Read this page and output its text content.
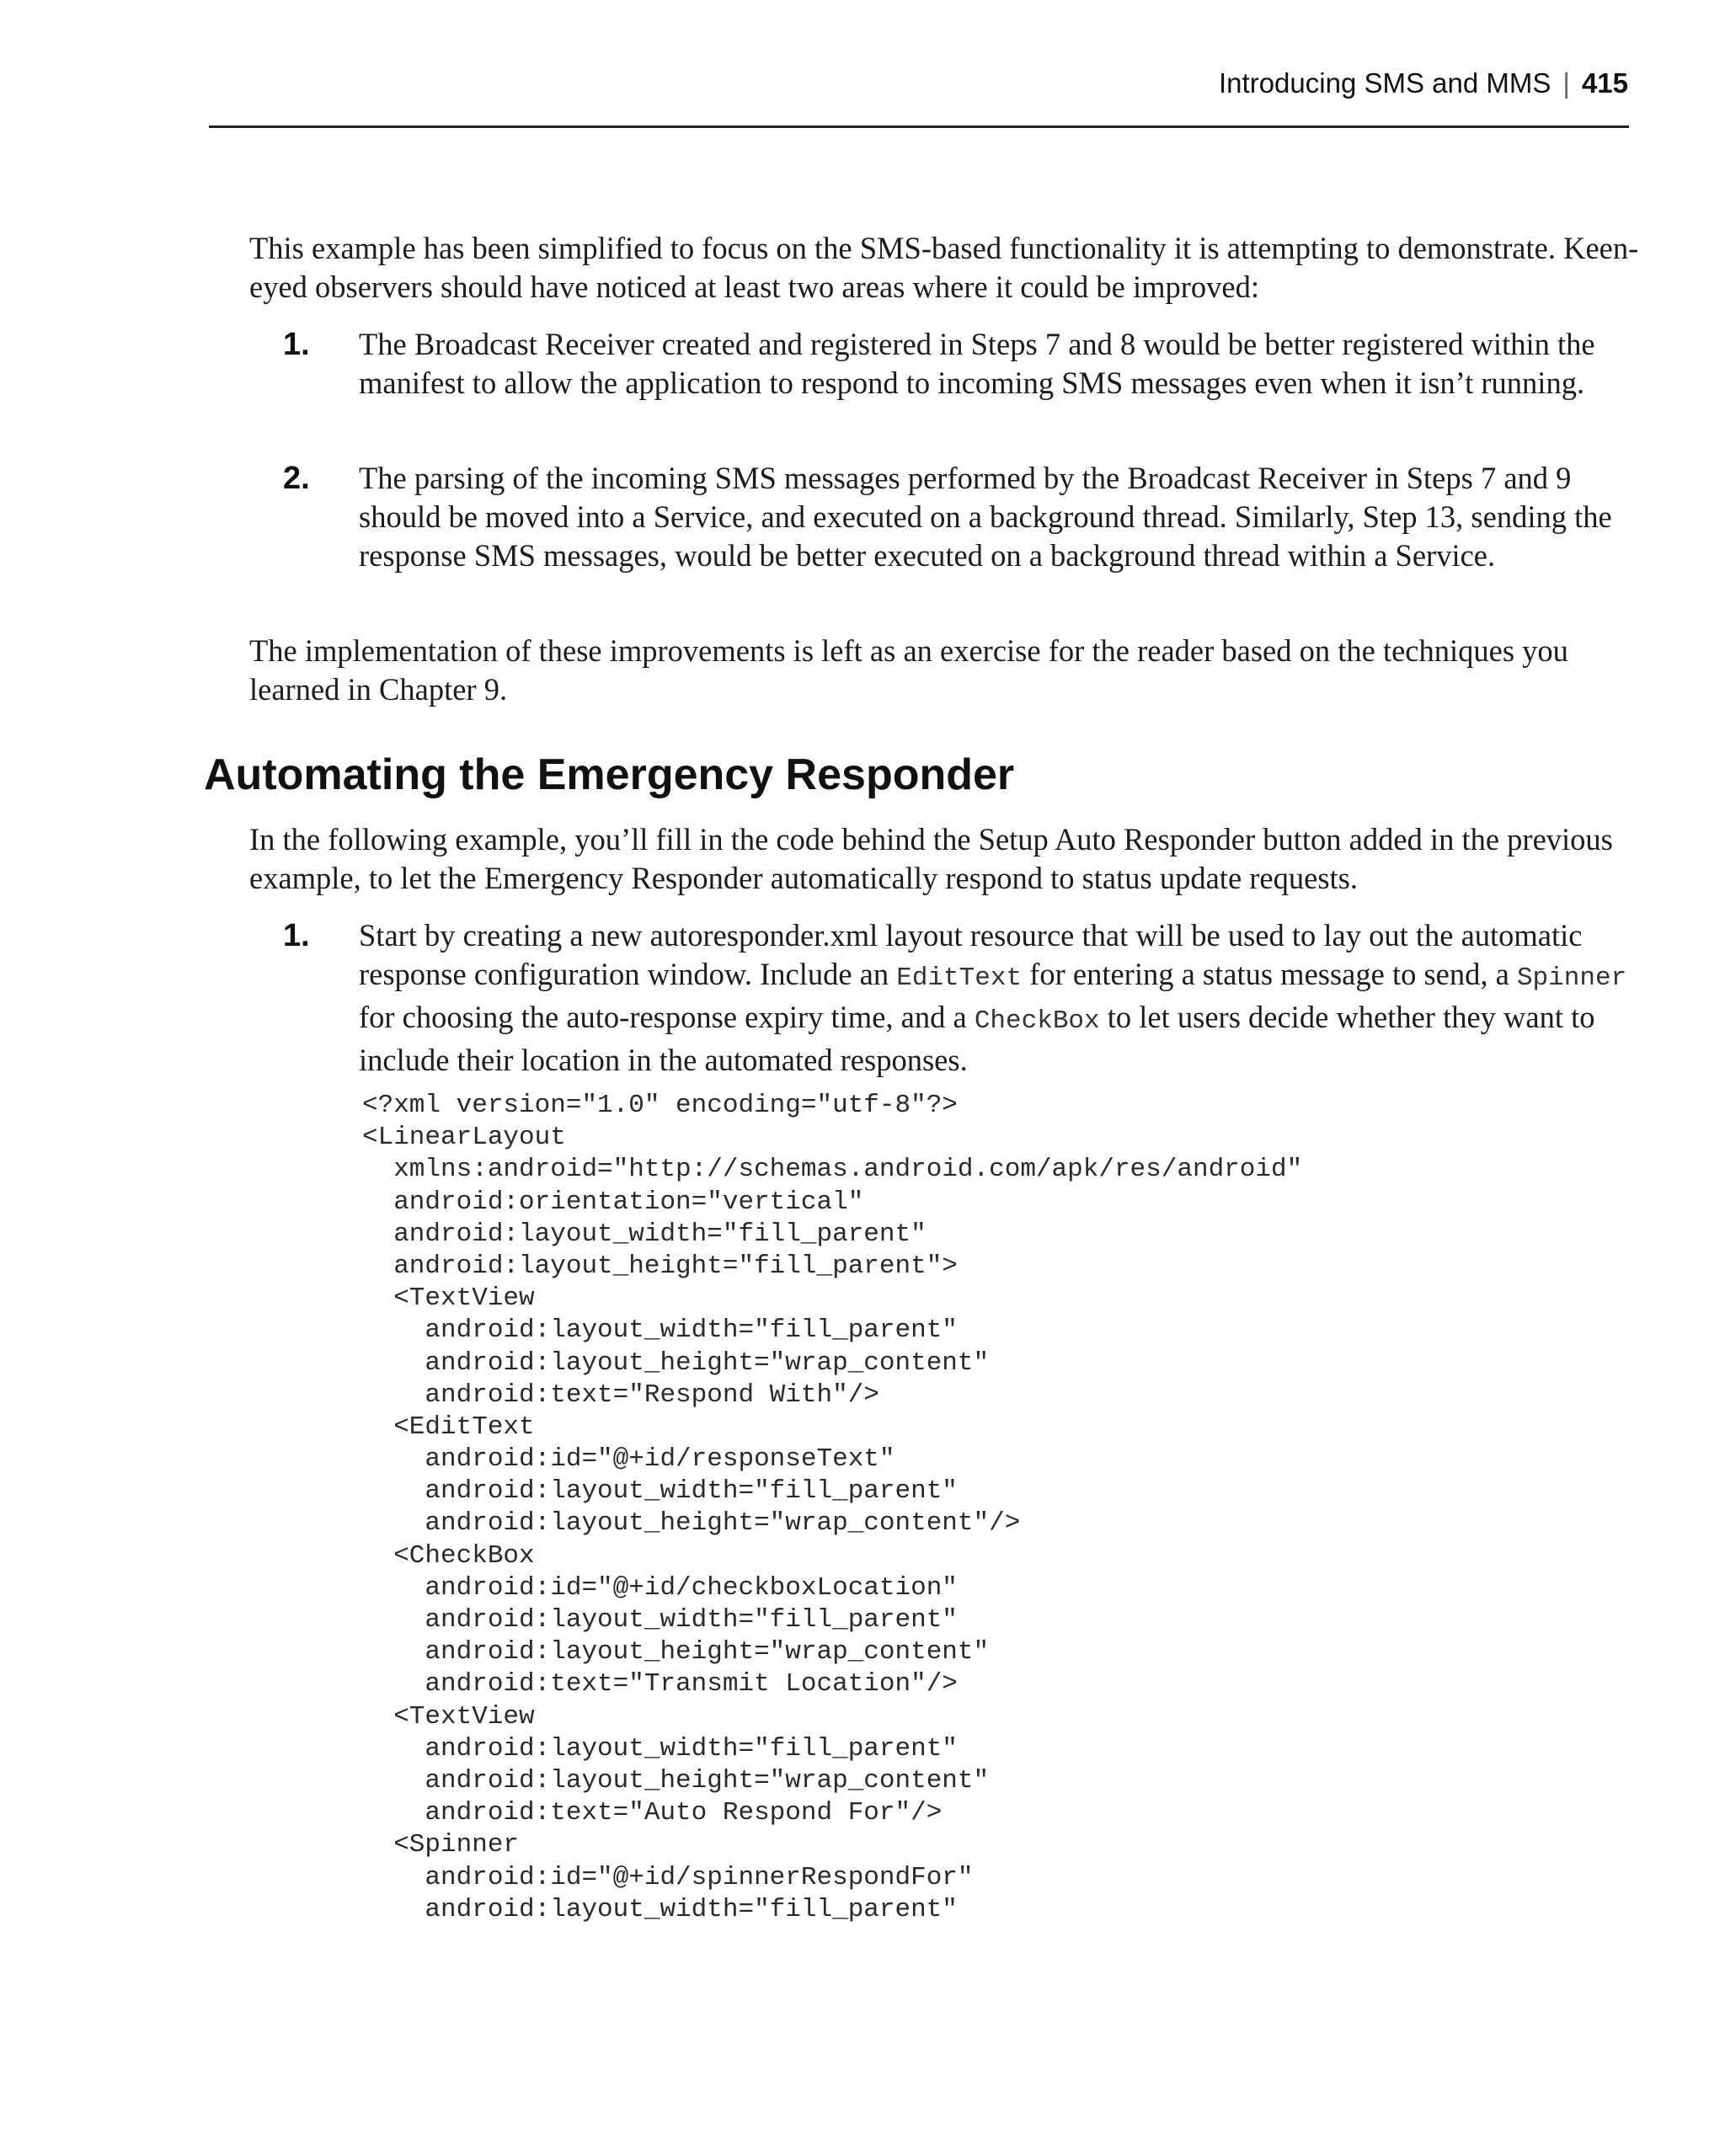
Introducing SMS and MMS | 415

This example has been simplified to focus on the SMS-based functionality it is attempting to demonstrate. Keen-eyed observers should have noticed at least two areas where it could be improved:

1. The Broadcast Receiver created and registered in Steps 7 and 8 would be better registered within the manifest to allow the application to respond to incoming SMS messages even when it isn’t running.

2. The parsing of the incoming SMS messages performed by the Broadcast Receiver in Steps 7 and 9 should be moved into a Service, and executed on a background thread. Similarly, Step 13, sending the response SMS messages, would be better executed on a background thread within a Service.

The implementation of these improvements is left as an exercise for the reader based on the techniques you learned in Chapter 9.

Automating the Emergency Responder

In the following example, you’ll fill in the code behind the Setup Auto Responder button added in the previous example, to let the Emergency Responder automatically respond to status update requests.

1. Start by creating a new autoresponder.xml layout resource that will be used to lay out the automatic response configuration window. Include an EditText for entering a status message to send, a Spinner for choosing the auto-response expiry time, and a CheckBox to let users decide whether they want to include their location in the automated responses.

<?xml version="1.0" encoding="utf-8"?>
<LinearLayout
xmlns:android="http://schemas.android.com/apk/res/android"
android:orientation="vertical"
android:layout_width="fill_parent"
android:layout_height="fill_parent">
<TextView
android:layout_width="fill_parent"
android:layout_height="wrap_content"
android:text="Respond With"/>
<EditText
android:id="@+id/responseText"
android:layout_width="fill_parent"
android:layout_height="wrap_content"/>
<CheckBox
android:id="@+id/checkboxLocation"
android:layout_width="fill_parent"
android:layout_height="wrap_content"
android:text="Transmit Location"/>
<TextView
android:layout_width="fill_parent"
android:layout_height="wrap_content"
android:text="Auto Respond For"/>
<Spinner
android:id="@+id/spinnerRespondFor"
android:layout_width="fill_parent"
